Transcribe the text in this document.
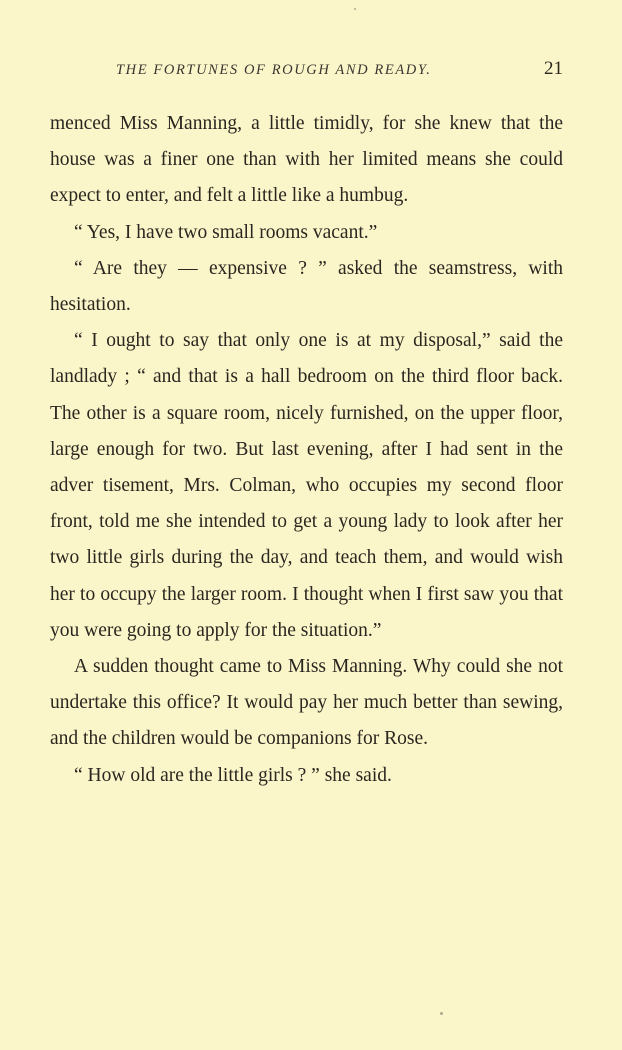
THE FORTUNES OF ROUGH AND READY.	21

menced Miss Manning, a little timidly, for she knew that the house was a finer one than with her limited means she could expect to enter, and felt a little like a humbug.

“ Yes, I have two small rooms vacant.”

“ Are they — expensive ? ” asked the seamstress, with hesitation.

“ I ought to say that only one is at my disposal,” said the landlady ; “ and that is a hall bedroom on the third floor back. The other is a square room, nicely furnished, on the upper floor, large enough for two. But last evening, after I had sent in the adver tisement, Mrs. Colman, who occupies my second floor front, told me she intended to get a young lady to look after her two little girls during the day, and teach them, and would wish her to occupy the larger room. I thought when I first saw you that you were going to apply for the situation.”

A sudden thought came to Miss Manning. Why could she not undertake this office? It would pay her much better than sewing, and the children would be companions for Rose.

“ How old are the little girls ? ” she said.
